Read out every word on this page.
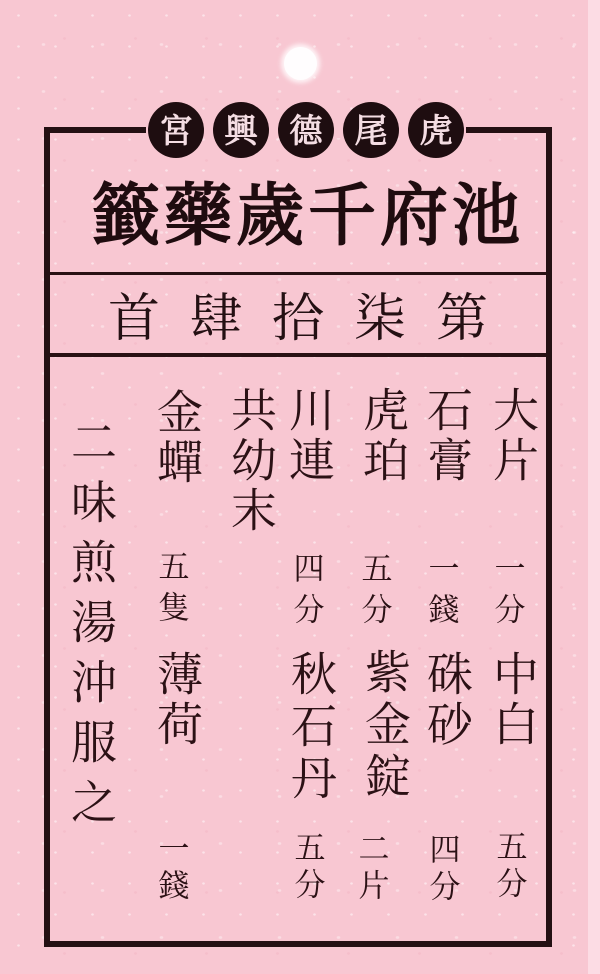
宮 興 德 尾 虎
籤藥歲千府池
首肆拾柒第
大片
一分
中白
五分
石膏
一錢
硃砂
四分
虎珀
五分
紫金錠
二片
川連
四分
秋石丹
五分
共幼末
金蟬
五隻
薄荷
一錢
二味煎湯沖服之
